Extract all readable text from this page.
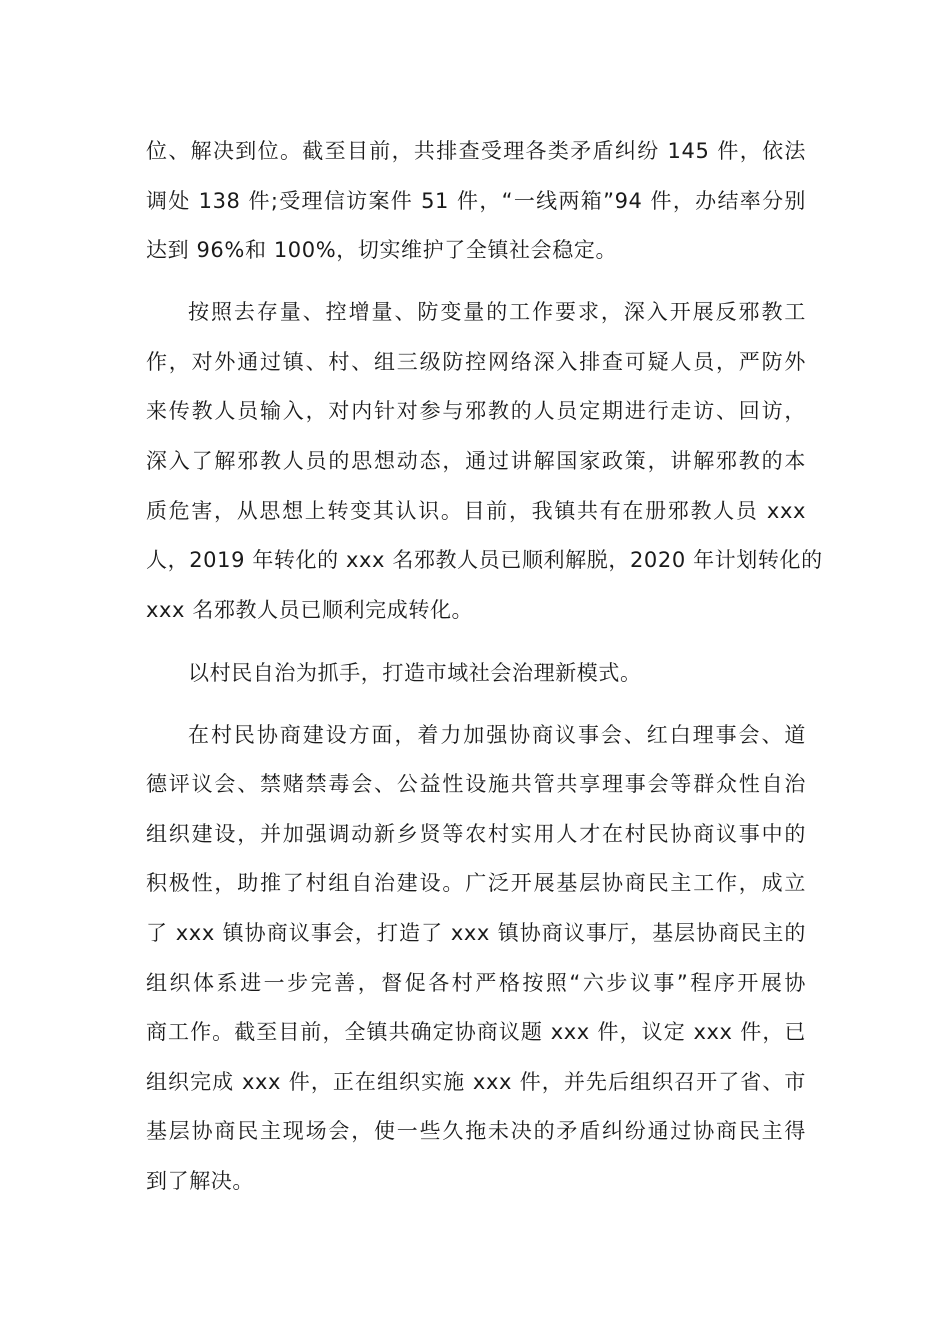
位、解决到位。截至目前，共排查受理各类矛盾纠纷 145 件，依法
调处 138 件;受理信访案件 51 件，“一线两箱”94 件，办结率分别
达到 96%和 100%，切实维护了全镇社会稳定。
按照去存量、控增量、防变量的工作要求，深入开展反邪教工
作，对外通过镇、村、组三级防控网络深入排查可疑人员，严防外
来传教人员输入，对内针对参与邪教的人员定期进行走访、回访，
深入了解邪教人员的思想动态，通过讲解国家政策，讲解邪教的本
质危害，从思想上转变其认识。目前，我镇共有在册邪教人员 xxx
人，2019 年转化的 xxx 名邪教人员已顺利解脱，2020 年计划转化的
xxx 名邪教人员已顺利完成转化。
以村民自治为抓手，打造市域社会治理新模式。
在村民协商建设方面，着力加强协商议事会、红白理事会、道
德评议会、禁赌禁毒会、公益性设施共管共享理事会等群众性自治
组织建设，并加强调动新乡贤等农村实用人才在村民协商议事中的
积极性，助推了村组自治建设。广泛开展基层协商民主工作，成立
了 xxx 镇协商议事会，打造了 xxx 镇协商议事厅，基层协商民主的
组织体系进一步完善，督促各村严格按照“六步议事”程序开展协
商工作。截至目前，全镇共确定协商议题 xxx 件，议定 xxx 件，已
组织完成 xxx 件，正在组织实施 xxx 件，并先后组织召开了省、市
基层协商民主现场会，使一些久拖未决的矛盾纠纷通过协商民主得
到了解决。
